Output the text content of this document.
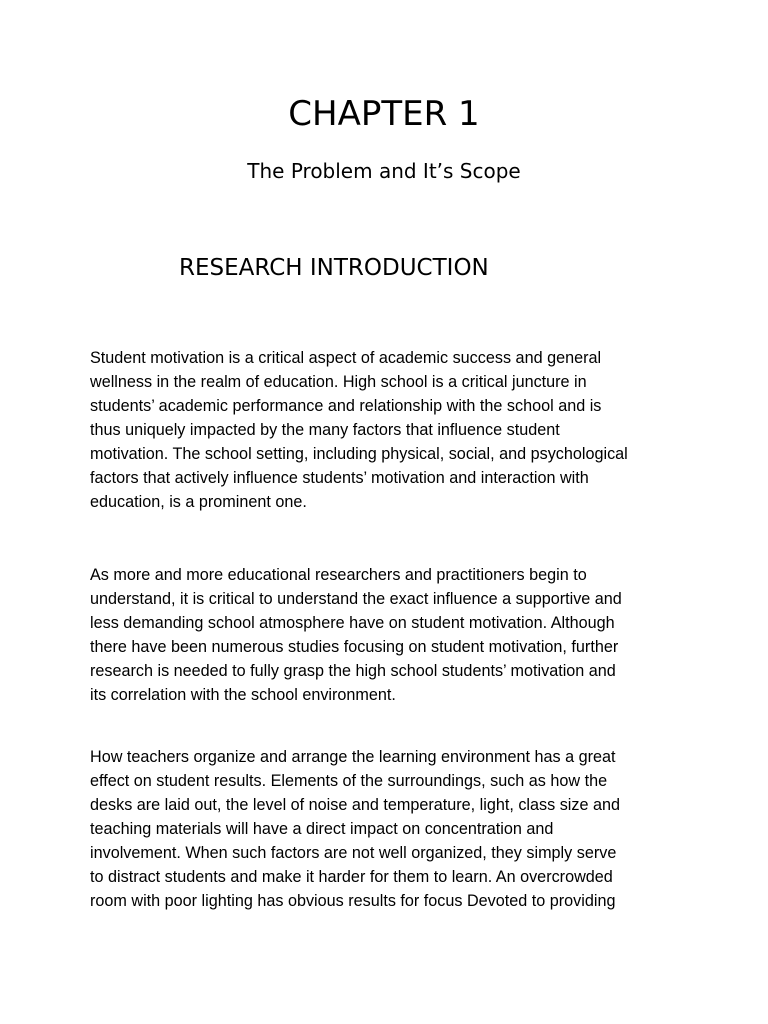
CHAPTER 1
The Problem and It’s Scope
RESEARCH INTRODUCTION

Student motivation is a critical aspect of academic success and general
wellness in the realm of education. High school is a critical juncture in
students’ academic performance and relationship with the school and is
thus uniquely impacted by the many factors that influence student
motivation. The school setting, including physical, social, and psychological
factors that actively influence students’ motivation and interaction with
education, is a prominent one.

As more and more educational researchers and practitioners begin to
understand, it is critical to understand the exact influence a supportive and
less demanding school atmosphere have on student motivation. Although
there have been numerous studies focusing on student motivation, further
research is needed to fully grasp the high school students’ motivation and
its correlation with the school environment.

How teachers organize and arrange the learning environment has a great
effect on student results. Elements of the surroundings, such as how the
desks are laid out, the level of noise and temperature, light, class size and
teaching materials will have a direct impact on concentration and
involvement. When such factors are not well organized, they simply serve
to distract students and make it harder for them to learn. An overcrowded
room with poor lighting has obvious results for focus Devoted to providing
